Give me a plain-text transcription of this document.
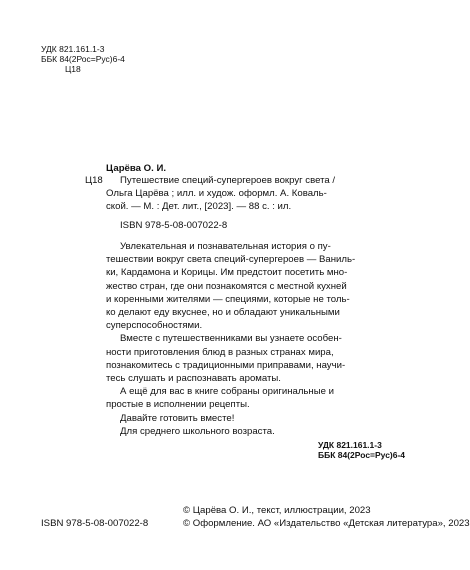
УДК 821.161.1-3
ББК 84(2Рос=Рус)6-4
Ц18
Ц18
Царёва О. И.
Путешествие специй-супергероев вокруг света /
Ольга Царёва ; илл. и худож. оформл. А. Коваль-
ской. — М. : Дет. лит., [2023]. — 88 с. : ил.
ISBN 978-5-08-007022-8
Увлекательная и познавательная история о пу-
тешествии вокруг света специй-супергероев — Ваниль-
ки, Кардамона и Корицы. Им предстоит посетить мно-
жество стран, где они познакомятся с местной кухней
и коренными жителями — специями, которые не толь-
ко делают еду вкуснее, но и обладают уникальными
суперспособностями.
Вместе с путешественниками вы узнаете особен-
ности приготовления блюд в разных странах мира,
познакомитесь с традиционными приправами, научи-
тесь слушать и распознавать ароматы.
А ещё для вас в книге собраны оригинальные и
простые в исполнении рецепты.
Давайте готовить вместе!
Для среднего школьного возраста.
УДК 821.161.1-3
ББК 84(2Рос=Рус)6-4
ISBN 978-5-08-007022-8
© Царёва О. И., текст, иллюстрации, 2023
© Оформление. АО «Издательство «Детская литература», 2023
